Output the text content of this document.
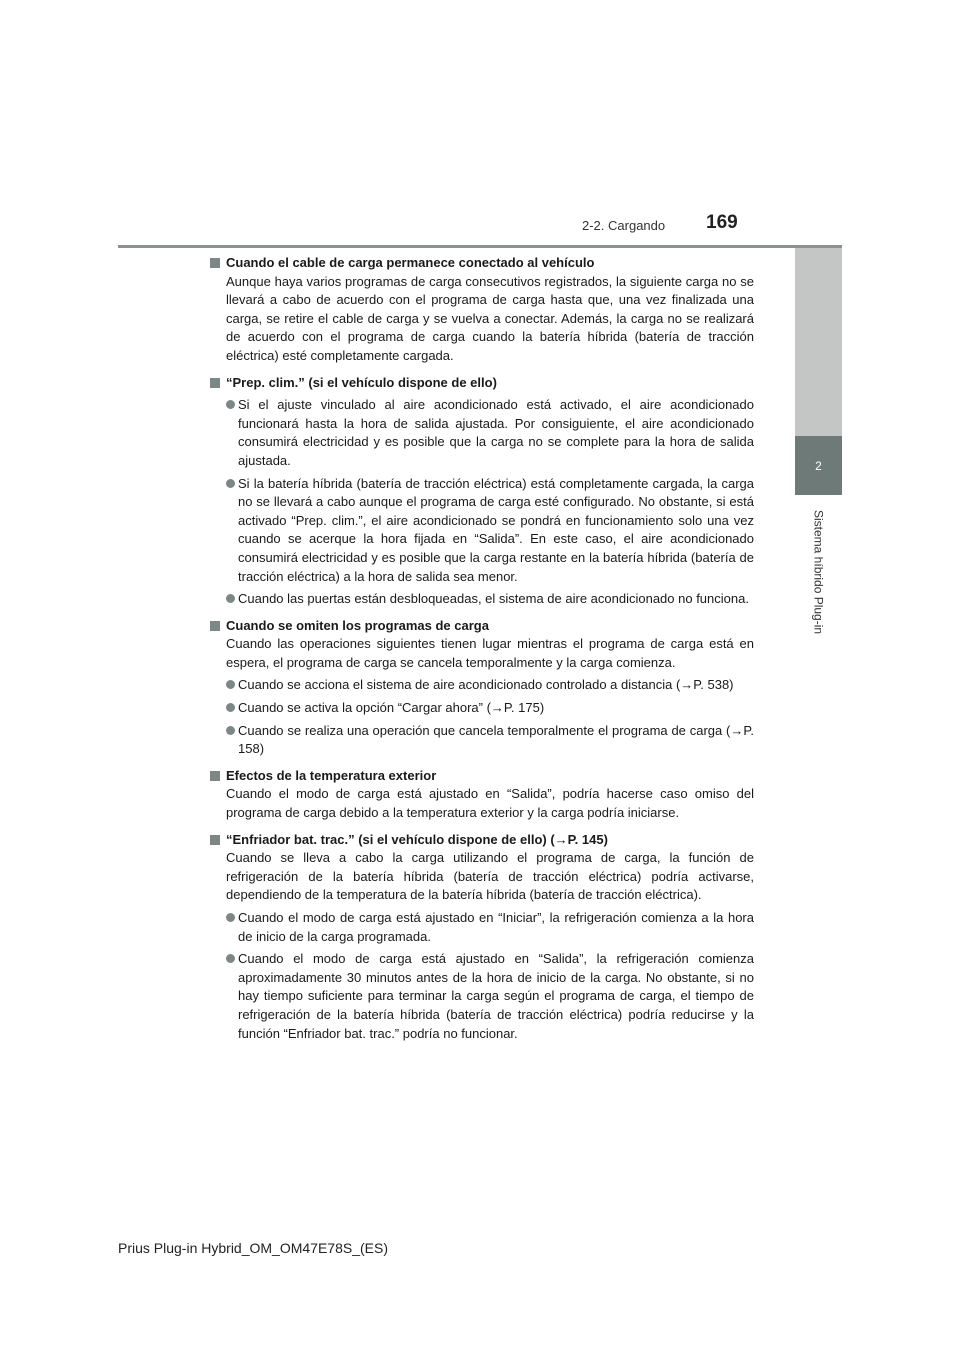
2-2. Cargando 169
2
Sistema híbrido Plug-in
Cuando el cable de carga permanece conectado al vehículo
Aunque haya varios programas de carga consecutivos registrados, la siguiente carga no se llevará a cabo de acuerdo con el programa de carga hasta que, una vez finalizada una carga, se retire el cable de carga y se vuelva a conectar. Además, la carga no se realizará de acuerdo con el programa de carga cuando la batería híbrida (batería de tracción eléctrica) esté completamente cargada.
“Prep. clim.” (si el vehículo dispone de ello)
Si el ajuste vinculado al aire acondicionado está activado, el aire acondicionado funcionará hasta la hora de salida ajustada. Por consiguiente, el aire acondicionado consumirá electricidad y es posible que la carga no se complete para la hora de salida ajustada.
Si la batería híbrida (batería de tracción eléctrica) está completamente cargada, la carga no se llevará a cabo aunque el programa de carga esté configurado. No obstante, si está activado “Prep. clim.”, el aire acondicionado se pondrá en funcionamiento solo una vez cuando se acerque la hora fijada en “Salida”. En este caso, el aire acondicionado consumirá electricidad y es posible que la carga restante en la batería híbrida (batería de tracción eléctrica) a la hora de salida sea menor.
Cuando las puertas están desbloqueadas, el sistema de aire acondicionado no funciona.
Cuando se omiten los programas de carga
Cuando las operaciones siguientes tienen lugar mientras el programa de carga está en espera, el programa de carga se cancela temporalmente y la carga comienza.
Cuando se acciona el sistema de aire acondicionado controlado a distancia (→P. 538)
Cuando se activa la opción “Cargar ahora” (→P. 175)
Cuando se realiza una operación que cancela temporalmente el programa de carga (→P. 158)
Efectos de la temperatura exterior
Cuando el modo de carga está ajustado en “Salida”, podría hacerse caso omiso del programa de carga debido a la temperatura exterior y la carga podría iniciarse.
“Enfriador bat. trac.” (si el vehículo dispone de ello) (→P. 145)
Cuando se lleva a cabo la carga utilizando el programa de carga, la función de refrigeración de la batería híbrida (batería de tracción eléctrica) podría activarse, dependiendo de la temperatura de la batería híbrida (batería de tracción eléctrica).
Cuando el modo de carga está ajustado en “Iniciar”, la refrigeración comienza a la hora de inicio de la carga programada.
Cuando el modo de carga está ajustado en “Salida”, la refrigeración comienza aproximadamente 30 minutos antes de la hora de inicio de la carga. No obstante, si no hay tiempo suficiente para terminar la carga según el programa de carga, el tiempo de refrigeración de la batería híbrida (batería de tracción eléctrica) podría reducirse y la función “Enfriador bat. trac.” podría no funcionar.
Prius Plug-in Hybrid_OM_OM47E78S_(ES)
